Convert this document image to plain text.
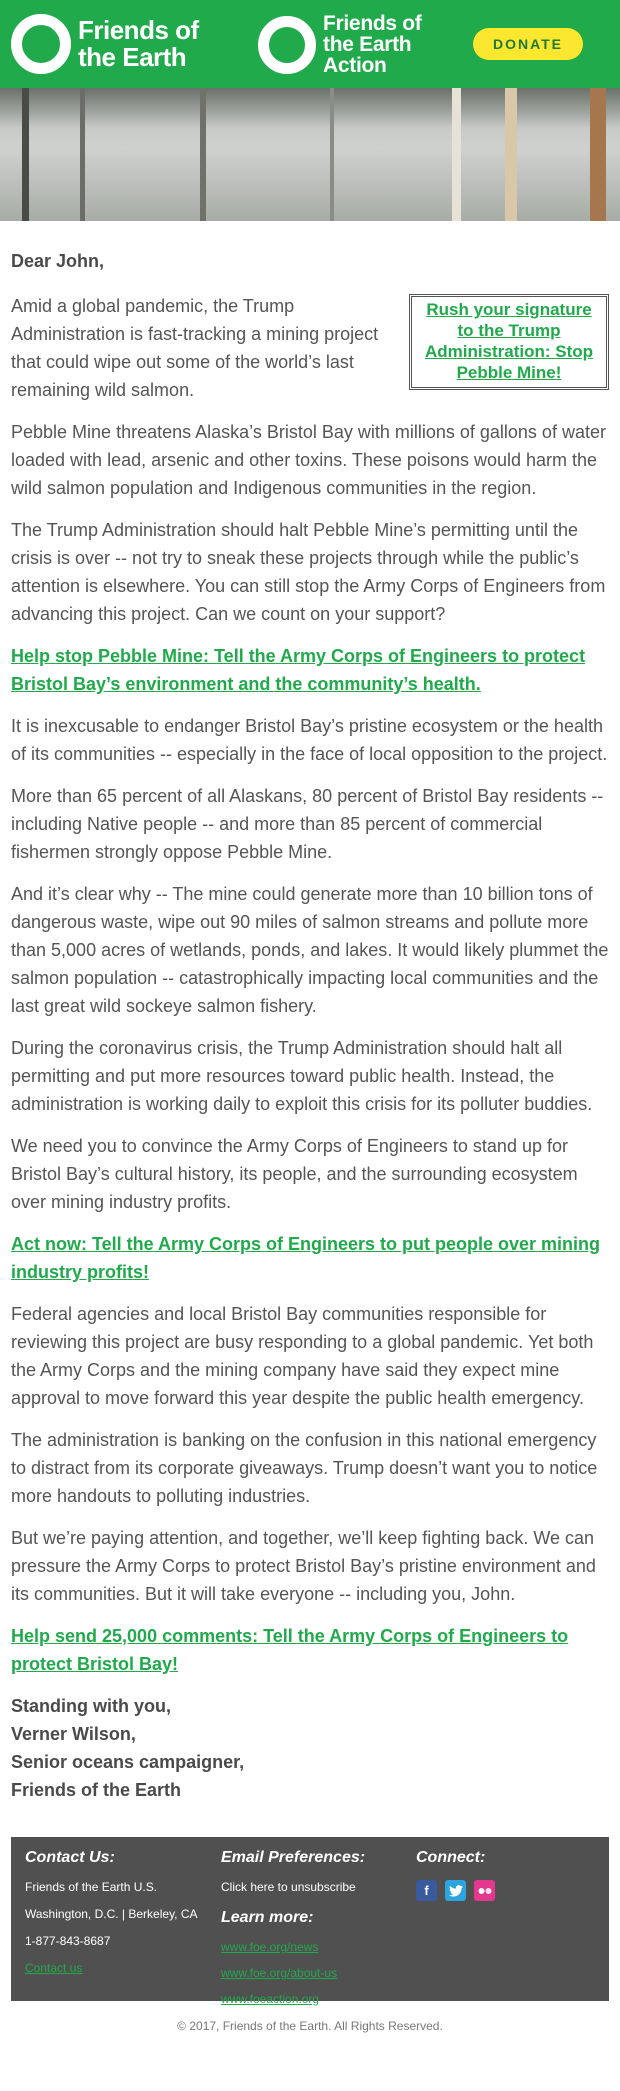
Friends of
the Earth
Friends of
the Earth
Action
DONATE
Dear John,

Amid a global pandemic, the Trump Administration is fast-tracking a mining project that could wipe out some of the world’s last remaining wild salmon.

Rush your signature to the Trump Administration: Stop Pebble Mine!

Pebble Mine threatens Alaska’s Bristol Bay with millions of gallons of water loaded with lead, arsenic and other toxins. These poisons would harm the wild salmon population and Indigenous communities in the region.

The Trump Administration should halt Pebble Mine’s permitting until the crisis is over -- not try to sneak these projects through while the public’s attention is elsewhere. You can still stop the Army Corps of Engineers from advancing this project. Can we count on your support?

Help stop Pebble Mine: Tell the Army Corps of Engineers to protect Bristol Bay’s environment and the community’s health.

It is inexcusable to endanger Bristol Bay’s pristine ecosystem or the health of its communities -- especially in the face of local opposition to the project.

More than 65 percent of all Alaskans, 80 percent of Bristol Bay residents -- including Native people -- and more than 85 percent of commercial fishermen strongly oppose Pebble Mine.

And it’s clear why -- The mine could generate more than 10 billion tons of dangerous waste, wipe out 90 miles of salmon streams and pollute more than 5,000 acres of wetlands, ponds, and lakes. It would likely plummet the salmon population -- catastrophically impacting local communities and the last great wild sockeye salmon fishery.

During the coronavirus crisis, the Trump Administration should halt all permitting and put more resources toward public health. Instead, the administration is working daily to exploit this crisis for its polluter buddies.

We need you to convince the Army Corps of Engineers to stand up for Bristol Bay’s cultural history, its people, and the surrounding ecosystem over mining industry profits.

Act now: Tell the Army Corps of Engineers to put people over mining industry profits!

Federal agencies and local Bristol Bay communities responsible for reviewing this project are busy responding to a global pandemic. Yet both the Army Corps and the mining company have said they expect mine approval to move forward this year despite the public health emergency.

The administration is banking on the confusion in this national emergency to distract from its corporate giveaways. Trump doesn’t want you to notice more handouts to polluting industries.

But we’re paying attention, and together, we’ll keep fighting back. We can pressure the Army Corps to protect Bristol Bay’s pristine environment and its communities. But it will take everyone -- including you, John.

Help send 25,000 comments: Tell the Army Corps of Engineers to protect Bristol Bay!
Standing with you,
Verner Wilson,
Senior oceans campaigner,
Friends of the Earth
Contact Us:
Friends of the Earth U.S.
Washington, D.C. | Berkeley, CA
1-877-843-8687
Contact us
Email Preferences:
Click here to unsubscribe
Learn more:
www.foe.org/news
www.foe.org/about-us
www.foeaction.org
Connect:
f
© 2017, Friends of the Earth. All Rights Reserved.
